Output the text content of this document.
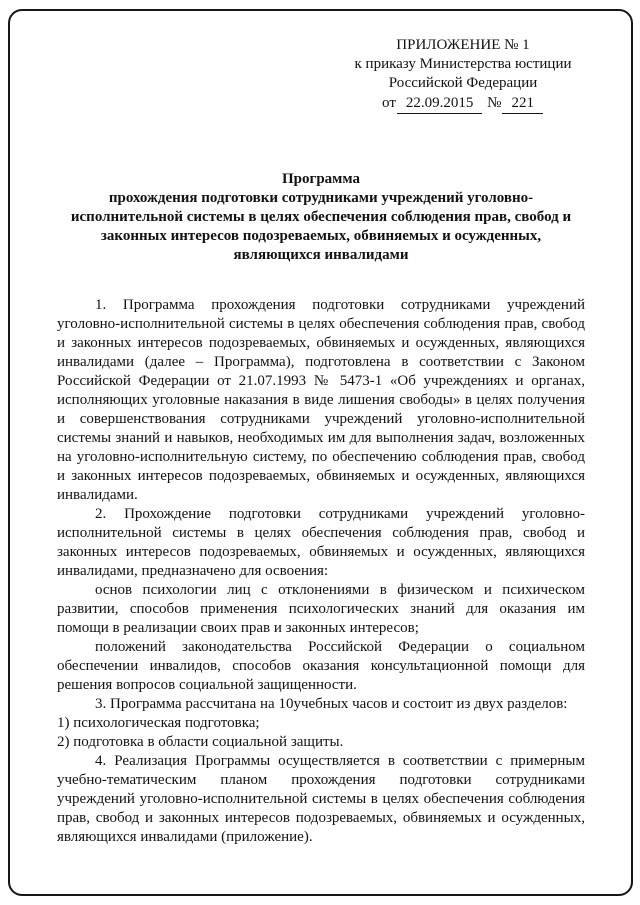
ПРИЛОЖЕНИЕ № 1
к приказу Министерства юстиции
Российской Федерации
от 22.09.2015 № 221
Программа
прохождения подготовки сотрудниками учреждений уголовно-исполнительной системы в целях обеспечения соблюдения прав, свобод и законных интересов подозреваемых, обвиняемых и осужденных, являющихся инвалидами

1. Программа прохождения подготовки сотрудниками учреждений уголовно-исполнительной системы в целях обеспечения соблюдения прав, свобод и законных интересов подозреваемых, обвиняемых и осужденных, являющихся инвалидами (далее – Программа), подготовлена в соответствии с Законом Российской Федерации от 21.07.1993 № 5473-1 «Об учреждениях и органах, исполняющих уголовные наказания в виде лишения свободы» в целях получения и совершенствования сотрудниками учреждений уголовно-исполнительной системы знаний и навыков, необходимых им для выполнения задач, возложенных на уголовно-исполнительную систему, по обеспечению соблюдения прав, свобод и законных интересов подозреваемых, обвиняемых и осужденных, являющихся инвалидами.

2. Прохождение подготовки сотрудниками учреждений уголовно-исполнительной системы в целях обеспечения соблюдения прав, свобод и законных интересов подозреваемых, обвиняемых и осужденных, являющихся инвалидами, предназначено для освоения:

основ психологии лиц с отклонениями в физическом и психическом развитии, способов применения психологических знаний для оказания им помощи в реализации своих прав и законных интересов;

положений законодательства Российской Федерации о социальном обеспечении инвалидов, способов оказания консультационной помощи для решения вопросов социальной защищенности.

3. Программа рассчитана на 10учебных часов и состоит из двух разделов:

1) психологическая подготовка;

2) подготовка в области социальной защиты.

4. Реализация Программы осуществляется в соответствии с примерным учебно-тематическим планом прохождения подготовки сотрудниками учреждений уголовно-исполнительной системы в целях обеспечения соблюдения прав, свобод и законных интересов подозреваемых, обвиняемых и осужденных, являющихся инвалидами (приложение).
